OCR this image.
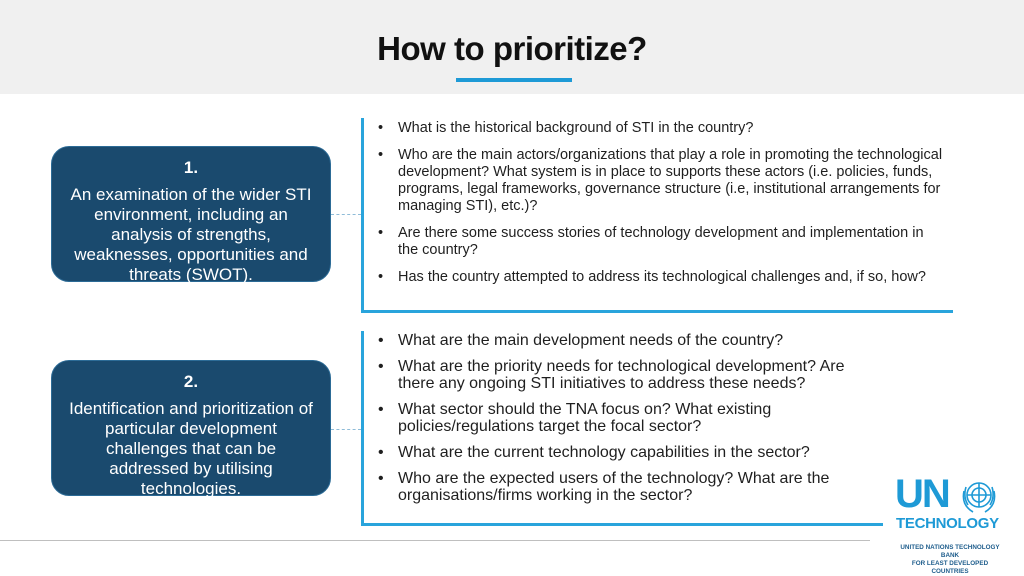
How to prioritize?
1.
An examination of the wider STI environment, including an analysis of strengths, weaknesses, opportunities and threats (SWOT).
• What is the historical background of STI in the country?
• Who are the main actors/organizations that play a role in promoting the technological development? What system is in place to supports these actors (i.e. policies, funds, programs, legal frameworks, governance structure (i.e, institutional arrangements for managing STI), etc.)?
• Are there some success stories of technology development and implementation in the country?
• Has the country attempted to address its technological challenges and, if so, how?
2.
Identification and prioritization of particular development challenges that can be addressed by utilising technologies.
• What are the main development needs of the country?
• What are the priority needs for technological development? Are there any ongoing STI initiatives to address these needs?
• What sector should the TNA focus on? What existing policies/regulations target the focal sector?
• What are the current technology capabilities in the sector?
• Who are the expected users of the technology? What are the organisations/firms working in the sector?	UN
TECHNOLOGY
UNITED NATIONS TECHNOLOGY BANK
FOR LEAST DEVELOPED COUNTRIES
